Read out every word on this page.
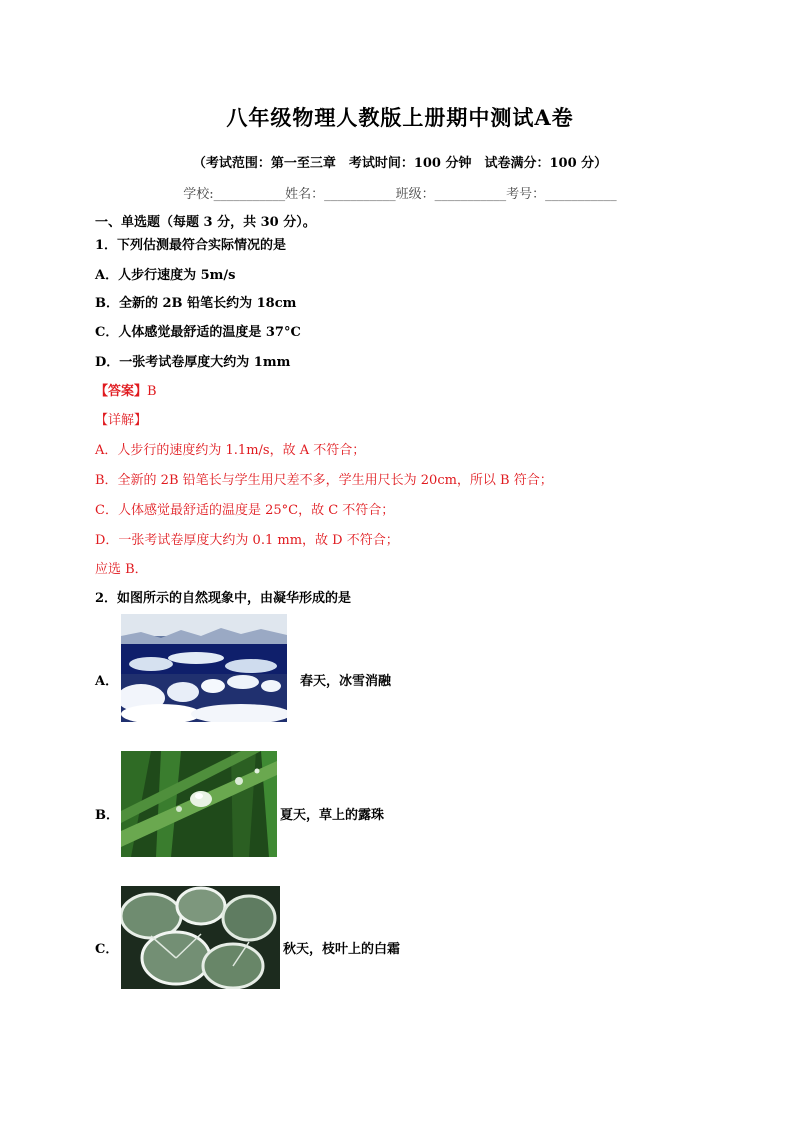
八年级物理人教版上册期中测试A卷
（考试范围：第一至三章　考试时间：100 分钟　试卷满分：100 分）
学校:___________姓名：___________班级：___________考号：___________
一、单选题（每题 3 分，共 30 分）。
1．下列估测最符合实际情况的是
A．人步行速度为 5m/s
B．全新的 2B 铅笔长约为 18cm
C．人体感觉最舒适的温度是 37°C
D．一张考试卷厚度大约为 1mm
【答案】B
【详解】
A．人步行的速度约为 1.1m/s，故 A 不符合；
B．全新的 2B 铅笔长与学生用尺差不多，学生用尺长为 20cm，所以 B 符合；
C．人体感觉最舒适的温度是 25°C，故 C 不符合；
D．一张考试卷厚度大约为 0.1 mm，故 D 不符合；
应选 B．
2．如图所示的自然现象中，由凝华形成的是
A．	春天，冰雪消融
B．	夏天，草上的露珠
C．	秋天，枝叶上的白霜
